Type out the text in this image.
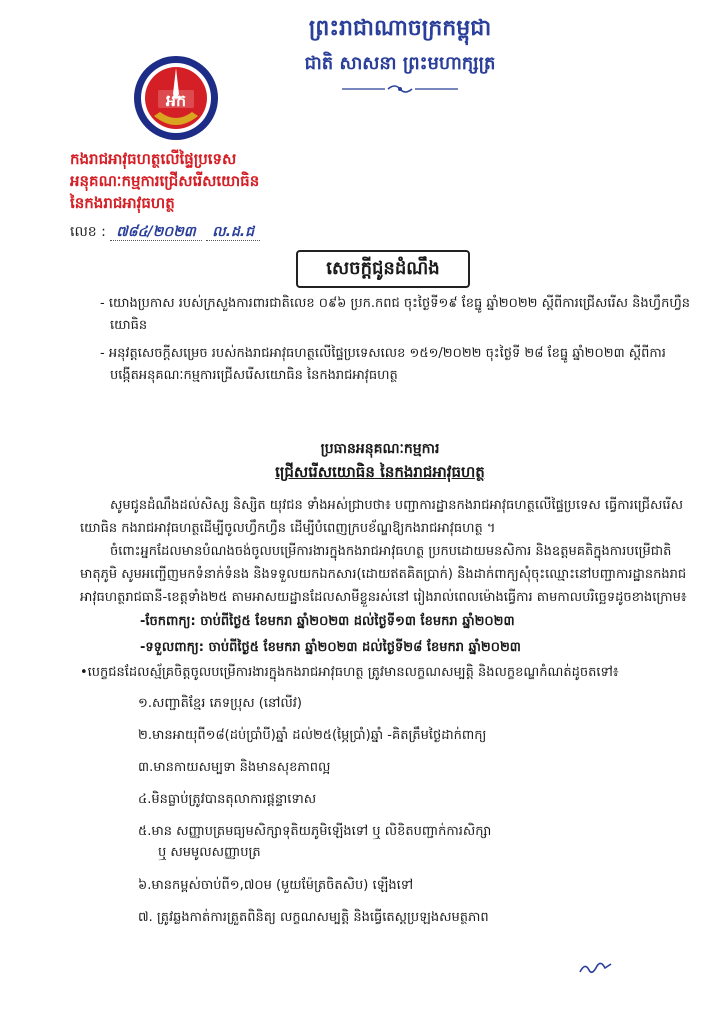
ព្រះរាជាណាចក្រកម្ពុជា
ជាតិ សាសនា ព្រះមហាក្សត្រ
អក
កងរាជអាវុធហត្ថលើផ្ទៃប្រទេស
អនុគណៈកម្មការជ្រើសរើសយោធិន
នៃកងរាជអាវុធហត្ថ
លេខ : ៧៨៤/២០២៣ ល.ដ.ជ
សេចក្ដីជូនដំណឹង

- យោងប្រកាស របស់ក្រសួងការពារជាតិលេខ ០៩៦ ប្រក.កពជ ចុះថ្ងៃទី១៩ ខែធ្នូ ឆ្នាំ២០២២ ស្ដីពីការជ្រើសរើស និងហ្វឹកហ្វឺនយោធិន

- អនុវត្តសេចក្ដីសម្រេច របស់កងរាជអាវុធហត្ថលើផ្ទៃប្រទេសលេខ ១៥១/២០២២ ចុះថ្ងៃទី ២៨ ខែធ្នូ ឆ្នាំ២០២៣ ស្ដីពីការបង្កើតអនុគណៈកម្មការជ្រើសរើសយោធិន នៃកងរាជអាវុធហត្ថ

ប្រធានអនុគណៈកម្មការ
ជ្រើសរើសយោធិន នៃកងរាជអាវុធហត្ថ

សូមជូនដំណឹងដល់សិស្ស និស្សិត យុវជន ទាំងអស់ជ្រាបថា៖ បញ្ជាការដ្ឋានកងរាជអាវុធហត្ថលើផ្ទៃប្រទេស ធ្វើការជ្រើសរើសយោធិន កងរាជអាវុធហត្ថដើម្បីចូលហ្វឹកហ្វឺន ដើម្បីបំពេញក្របខ័ណ្ឌឱ្យកងរាជអាវុធហត្ថ ។

ចំពោះអ្នកដែលមានបំណងចង់ចូលបម្រើការងារក្នុងកងរាជអាវុធហត្ថ ប្រកបដោយមនសិការ និងឧត្តមគតិក្នុងការបម្រើជាតិមាតុភូមិ សូមអញ្ជើញមកទំនាក់ទំនង និងទទួលយកឯកសារ(ដោយឥតគិតប្រាក់) និងដាក់ពាក្យសុំចុះឈ្មោះនៅបញ្ជាការដ្ឋានកងរាជអាវុធហត្ថរាជធានី-ខេត្តទាំង២៥ តាមអាសយដ្ឋានដែលសាមីខ្លួនរស់នៅ រៀងរាល់ពេលម៉ោងធ្វើការ តាមកាលបរិច្ឆេទដូចខាងក្រោម៖

-ចែកពាក្យ: ចាប់ពីថ្ងៃ៥ ខែមករា ឆ្នាំ២០២៣ ដល់ថ្ងៃទី១៣ ខែមករា ឆ្នាំ២០២៣

-ទទួលពាក្យ: ចាប់ពីថ្ងៃ៥ ខែមករា ឆ្នាំ២០២៣ ដល់ថ្ងៃទី២៨ ខែមករា ឆ្នាំ២០២៣

•បេក្ខជនដែលស្ម័គ្រចិត្តចូលបម្រើការងារក្នុងកងរាជអាវុធហត្ថ ត្រូវមានលក្ខណសម្បត្តិ និងលក្ខខណ្ឌកំណត់ដូចតទៅ៖

១.សញ្ជាតិខ្មែរ ភេទប្រុស (នៅលីវ)

២.មានអាយុពី១៨(ដប់ប្រាំបី)ឆ្នាំ ដល់២៥(ម្ភៃប្រាំ)ឆ្នាំ -គិតត្រឹមថ្ងៃដាក់ពាក្យ

៣.មានកាយសម្បទា និងមានសុខភាពល្អ

៤.មិនធ្លាប់ត្រូវបានតុលាការផ្ដន្ទាទោស

៥.មាន សញ្ញាបត្រមធ្យមសិក្សាទុតិយភូមិឡើងទៅ ឬ លិខិតបញ្ជាក់ការសិក្សា

ឬ សមមូលសញ្ញាបត្រ

៦.មានកម្ពស់ចាប់ពី១,៧០ម (មួយម៉ែត្រចិតសិប) ឡើងទៅ

៧. ត្រូវឆ្លងកាត់ការត្រួតពិនិត្យ លក្ខណសម្បត្តិ និងធ្វើតេស្តប្រឡងសមត្ថភាព
